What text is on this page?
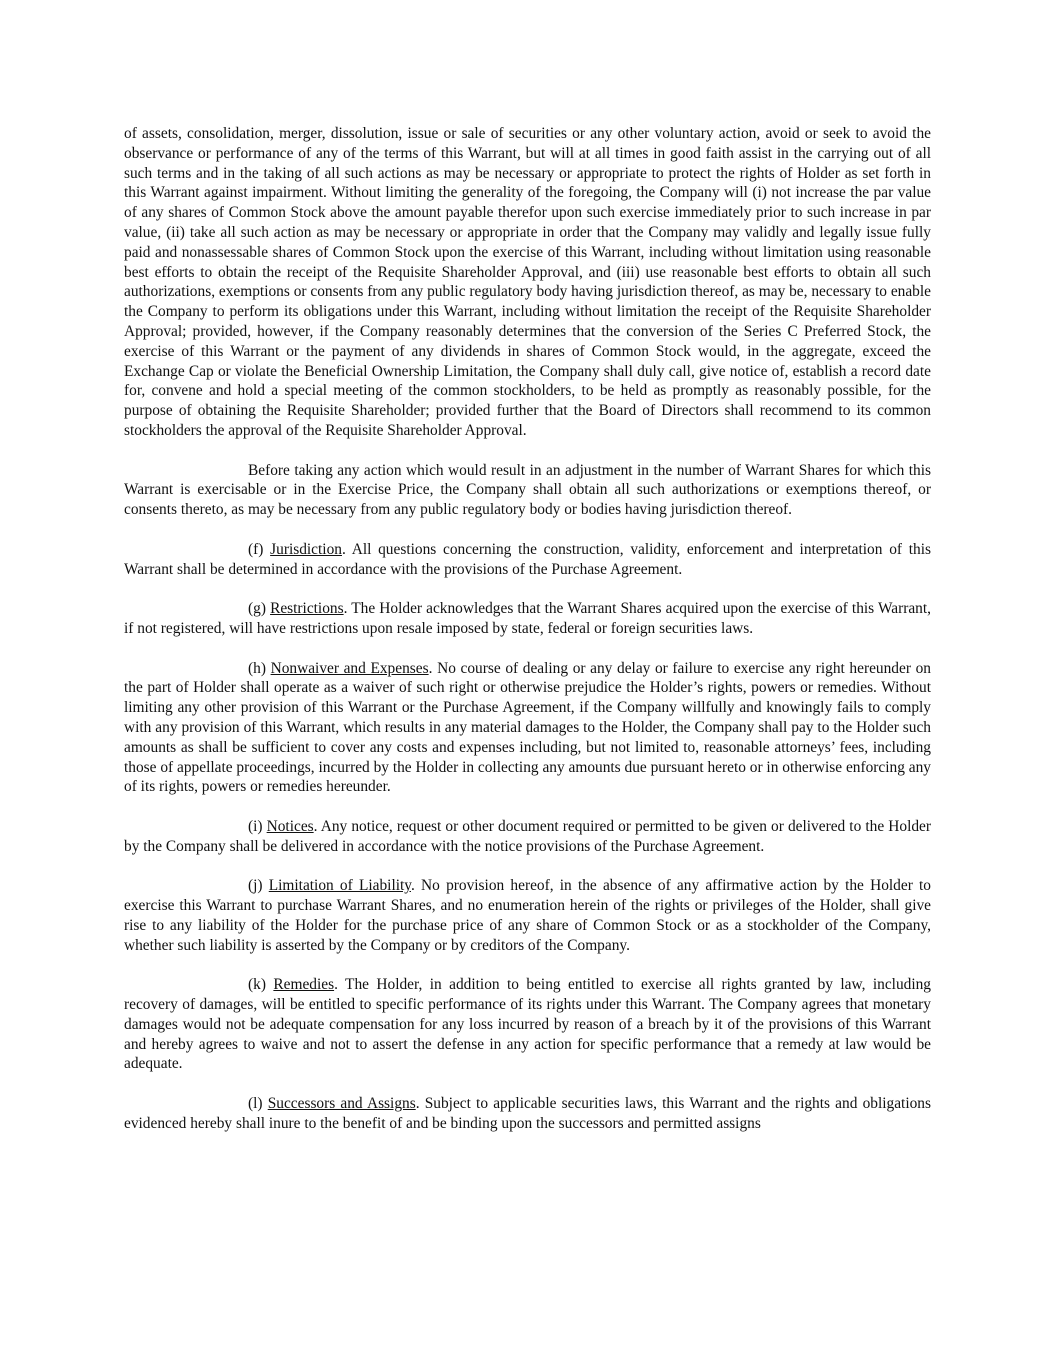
of assets, consolidation, merger, dissolution, issue or sale of securities or any other voluntary action, avoid or seek to avoid the observance or performance of any of the terms of this Warrant, but will at all times in good faith assist in the carrying out of all such terms and in the taking of all such actions as may be necessary or appropriate to protect the rights of Holder as set forth in this Warrant against impairment. Without limiting the generality of the foregoing, the Company will (i) not increase the par value of any shares of Common Stock above the amount payable therefor upon such exercise immediately prior to such increase in par value, (ii) take all such action as may be necessary or appropriate in order that the Company may validly and legally issue fully paid and nonassessable shares of Common Stock upon the exercise of this Warrant, including without limitation using reasonable best efforts to obtain the receipt of the Requisite Shareholder Approval, and (iii) use reasonable best efforts to obtain all such authorizations, exemptions or consents from any public regulatory body having jurisdiction thereof, as may be, necessary to enable the Company to perform its obligations under this Warrant, including without limitation the receipt of the Requisite Shareholder Approval; provided, however, if the Company reasonably determines that the conversion of the Series C Preferred Stock, the exercise of this Warrant or the payment of any dividends in shares of Common Stock would, in the aggregate, exceed the Exchange Cap or violate the Beneficial Ownership Limitation, the Company shall duly call, give notice of, establish a record date for, convene and hold a special meeting of the common stockholders, to be held as promptly as reasonably possible, for the purpose of obtaining the Requisite Shareholder; provided further that the Board of Directors shall recommend to its common stockholders the approval of the Requisite Shareholder Approval.

Before taking any action which would result in an adjustment in the number of Warrant Shares for which this Warrant is exercisable or in the Exercise Price, the Company shall obtain all such authorizations or exemptions thereof, or consents thereto, as may be necessary from any public regulatory body or bodies having jurisdiction thereof.

(f) Jurisdiction. All questions concerning the construction, validity, enforcement and interpretation of this Warrant shall be determined in accordance with the provisions of the Purchase Agreement.

(g) Restrictions. The Holder acknowledges that the Warrant Shares acquired upon the exercise of this Warrant, if not registered, will have restrictions upon resale imposed by state, federal or foreign securities laws.

(h) Nonwaiver and Expenses. No course of dealing or any delay or failure to exercise any right hereunder on the part of Holder shall operate as a waiver of such right or otherwise prejudice the Holder’s rights, powers or remedies. Without limiting any other provision of this Warrant or the Purchase Agreement, if the Company willfully and knowingly fails to comply with any provision of this Warrant, which results in any material damages to the Holder, the Company shall pay to the Holder such amounts as shall be sufficient to cover any costs and expenses including, but not limited to, reasonable attorneys’ fees, including those of appellate proceedings, incurred by the Holder in collecting any amounts due pursuant hereto or in otherwise enforcing any of its rights, powers or remedies hereunder.

(i) Notices. Any notice, request or other document required or permitted to be given or delivered to the Holder by the Company shall be delivered in accordance with the notice provisions of the Purchase Agreement.

(j) Limitation of Liability. No provision hereof, in the absence of any affirmative action by the Holder to exercise this Warrant to purchase Warrant Shares, and no enumeration herein of the rights or privileges of the Holder, shall give rise to any liability of the Holder for the purchase price of any share of Common Stock or as a stockholder of the Company, whether such liability is asserted by the Company or by creditors of the Company.

(k) Remedies. The Holder, in addition to being entitled to exercise all rights granted by law, including recovery of damages, will be entitled to specific performance of its rights under this Warrant. The Company agrees that monetary damages would not be adequate compensation for any loss incurred by reason of a breach by it of the provisions of this Warrant and hereby agrees to waive and not to assert the defense in any action for specific performance that a remedy at law would be adequate.

(l) Successors and Assigns. Subject to applicable securities laws, this Warrant and the rights and obligations evidenced hereby shall inure to the benefit of and be binding upon the successors and permitted assigns
